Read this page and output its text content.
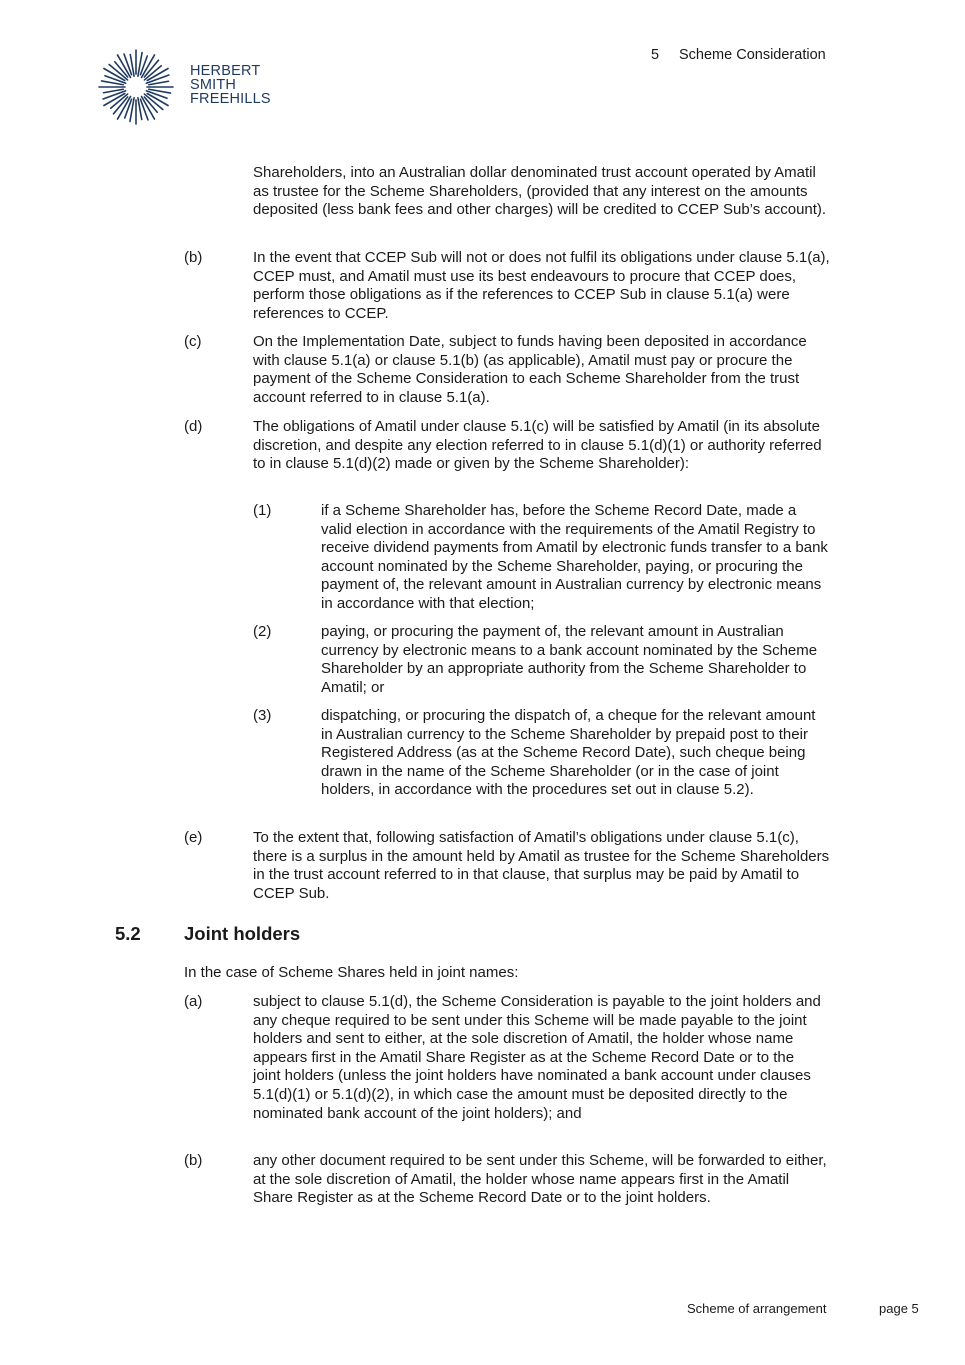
HERBERT
SMITH
FREEHILLS
5 Scheme Consideration

Shareholders, into an Australian dollar denominated trust account operated by Amatil as trustee for the Scheme Shareholders, (provided that any interest on the amounts deposited (less bank fees and other charges) will be credited to CCEP Sub’s account).

(b)	In the event that CCEP Sub will not or does not fulfil its obligations under clause 5.1(a), CCEP must, and Amatil must use its best endeavours to procure that CCEP does, perform those obligations as if the references to CCEP Sub in clause 5.1(a) were references to CCEP.

(c)	On the Implementation Date, subject to funds having been deposited in accordance with clause 5.1(a) or clause 5.1(b) (as applicable), Amatil must pay or procure the payment of the Scheme Consideration to each Scheme Shareholder from the trust account referred to in clause 5.1(a).

(d)	The obligations of Amatil under clause 5.1(c) will be satisfied by Amatil (in its absolute discretion, and despite any election referred to in clause 5.1(d)(1) or authority referred to in clause 5.1(d)(2) made or given by the Scheme Shareholder):

(1)	if a Scheme Shareholder has, before the Scheme Record Date, made a valid election in accordance with the requirements of the Amatil Registry to receive dividend payments from Amatil by electronic funds transfer to a bank account nominated by the Scheme Shareholder, paying, or procuring the payment of, the relevant amount in Australian currency by electronic means in accordance with that election;

(2)	paying, or procuring the payment of, the relevant amount in Australian currency by electronic means to a bank account nominated by the Scheme Shareholder by an appropriate authority from the Scheme Shareholder to Amatil; or

(3)	dispatching, or procuring the dispatch of, a cheque for the relevant amount in Australian currency to the Scheme Shareholder by prepaid post to their Registered Address (as at the Scheme Record Date), such cheque being drawn in the name of the Scheme Shareholder (or in the case of joint holders, in accordance with the procedures set out in clause 5.2).

(e)	To the extent that, following satisfaction of Amatil’s obligations under clause 5.1(c), there is a surplus in the amount held by Amatil as trustee for the Scheme Shareholders in the trust account referred to in that clause, that surplus may be paid by Amatil to CCEP Sub.

5.2 Joint holders

In the case of Scheme Shares held in joint names:

(a)	subject to clause 5.1(d), the Scheme Consideration is payable to the joint holders and any cheque required to be sent under this Scheme will be made payable to the joint holders and sent to either, at the sole discretion of Amatil, the holder whose name appears first in the Amatil Share Register as at the Scheme Record Date or to the joint holders (unless the joint holders have nominated a bank account under clauses 5.1(d)(1) or 5.1(d)(2), in which case the amount must be deposited directly to the nominated bank account of the joint holders); and

(b)	any other document required to be sent under this Scheme, will be forwarded to either, at the sole discretion of Amatil, the holder whose name appears first in the Amatil Share Register as at the Scheme Record Date or to the joint holders.

Scheme of arrangement	page 5
